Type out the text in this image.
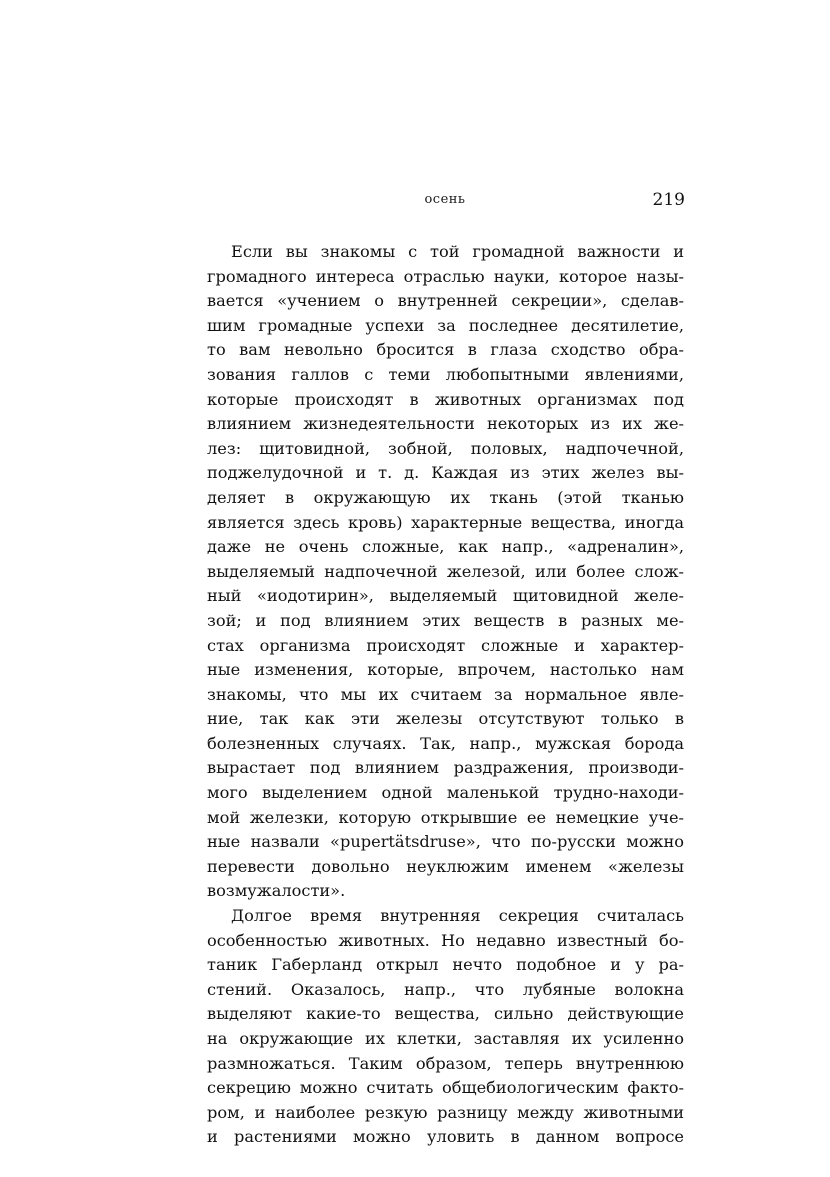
осень	219
Если вы знакомы с той громадной важности и
громадного интереса отраслью науки, которое назы-
вается «учением о внутренней секреции», сделав-
шим громадные успехи за последнее десятилетие,
то вам невольно бросится в глаза сходство обра-
зования галлов с теми любопытными явлениями,
которые происходят в животных организмах под
влиянием жизнедеятельности некоторых из их же-
лез: щитовидной, зобной, половых, надпочечной,
поджелудочной и т. д. Каждая из этих желез вы-
деляет в окружающую их ткань (этой тканью
является здесь кровь) характерные вещества, иногда
даже не очень сложные, как напр., «адреналин»,
выделяемый надпочечной железой, или более слож-
ный «иодотирин», выделяемый щитовидной желе-
зой; и под влиянием этих веществ в разных ме-
стах организма происходят сложные и характер-
ные изменения, которые, впрочем, настолько нам
знакомы, что мы их считаем за нормальное явле-
ние, так как эти железы отсутствуют только в
болезненных случаях. Так, напр., мужская борода
вырастает под влиянием раздражения, производи-
мого выделением одной маленькой трудно-находи-
мой железки, которую открывшие ее немецкие уче-
ные назвали «pupertätsdruse», что по-русски можно
перевести довольно неуклюжим именем «железы
возмужалости».
Долгое время внутренняя секреция считалась
особенностью животных. Но недавно известный бо-
таник Габерланд открыл нечто подобное и у ра-
стений. Оказалось, напр., что лубяные волокна
выделяют какие-то вещества, сильно действующие
на окружающие их клетки, заставляя их усиленно
размножаться. Таким образом, теперь внутреннюю
секрецию можно считать общебиологическим факто-
ром, и наиболее резкую разницу между животными
и растениями можно уловить в данном вопросе
